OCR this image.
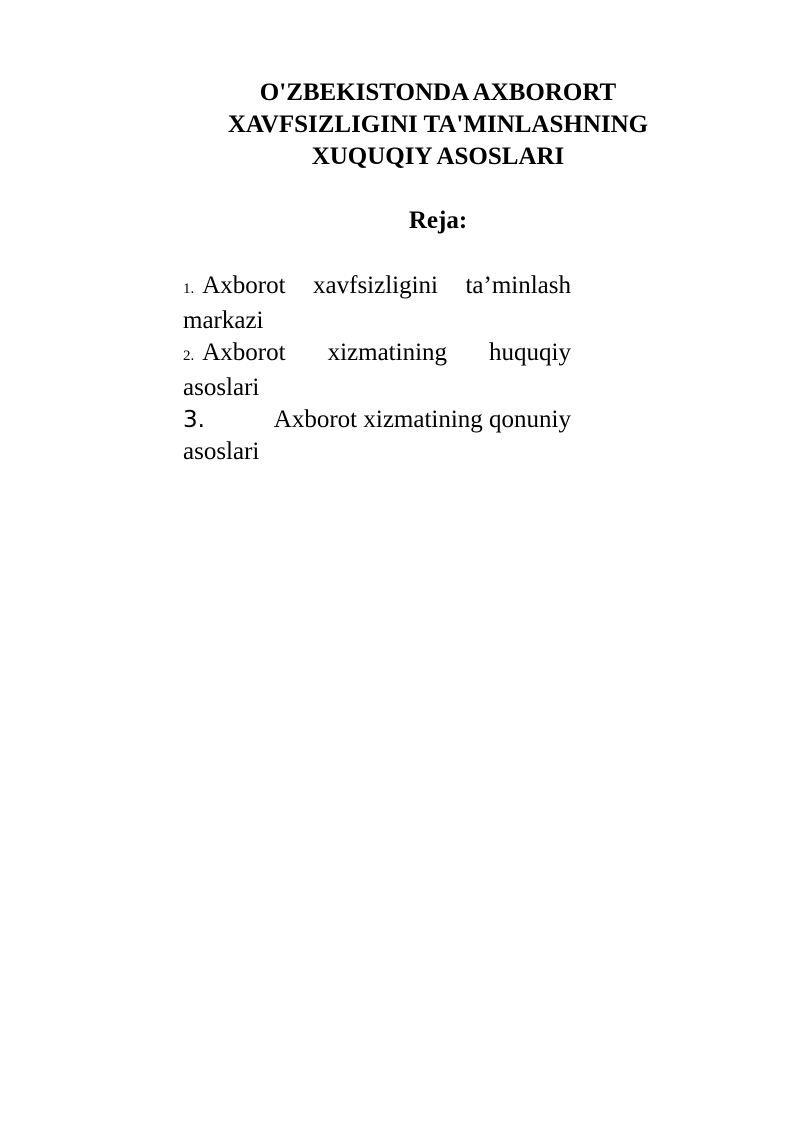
O'ZBEKISTONDA AXBORORT
XAVFSIZLIGINI TA'MINLASHNING
XUQUQIY ASOSLARI
Reja:
1. Axborot xavfsizligini ta’minlash
markazi
2. Axborot xizmatining huquqiy
asoslari
3.	Axborot
xizmatining
qonuniy
asoslari
